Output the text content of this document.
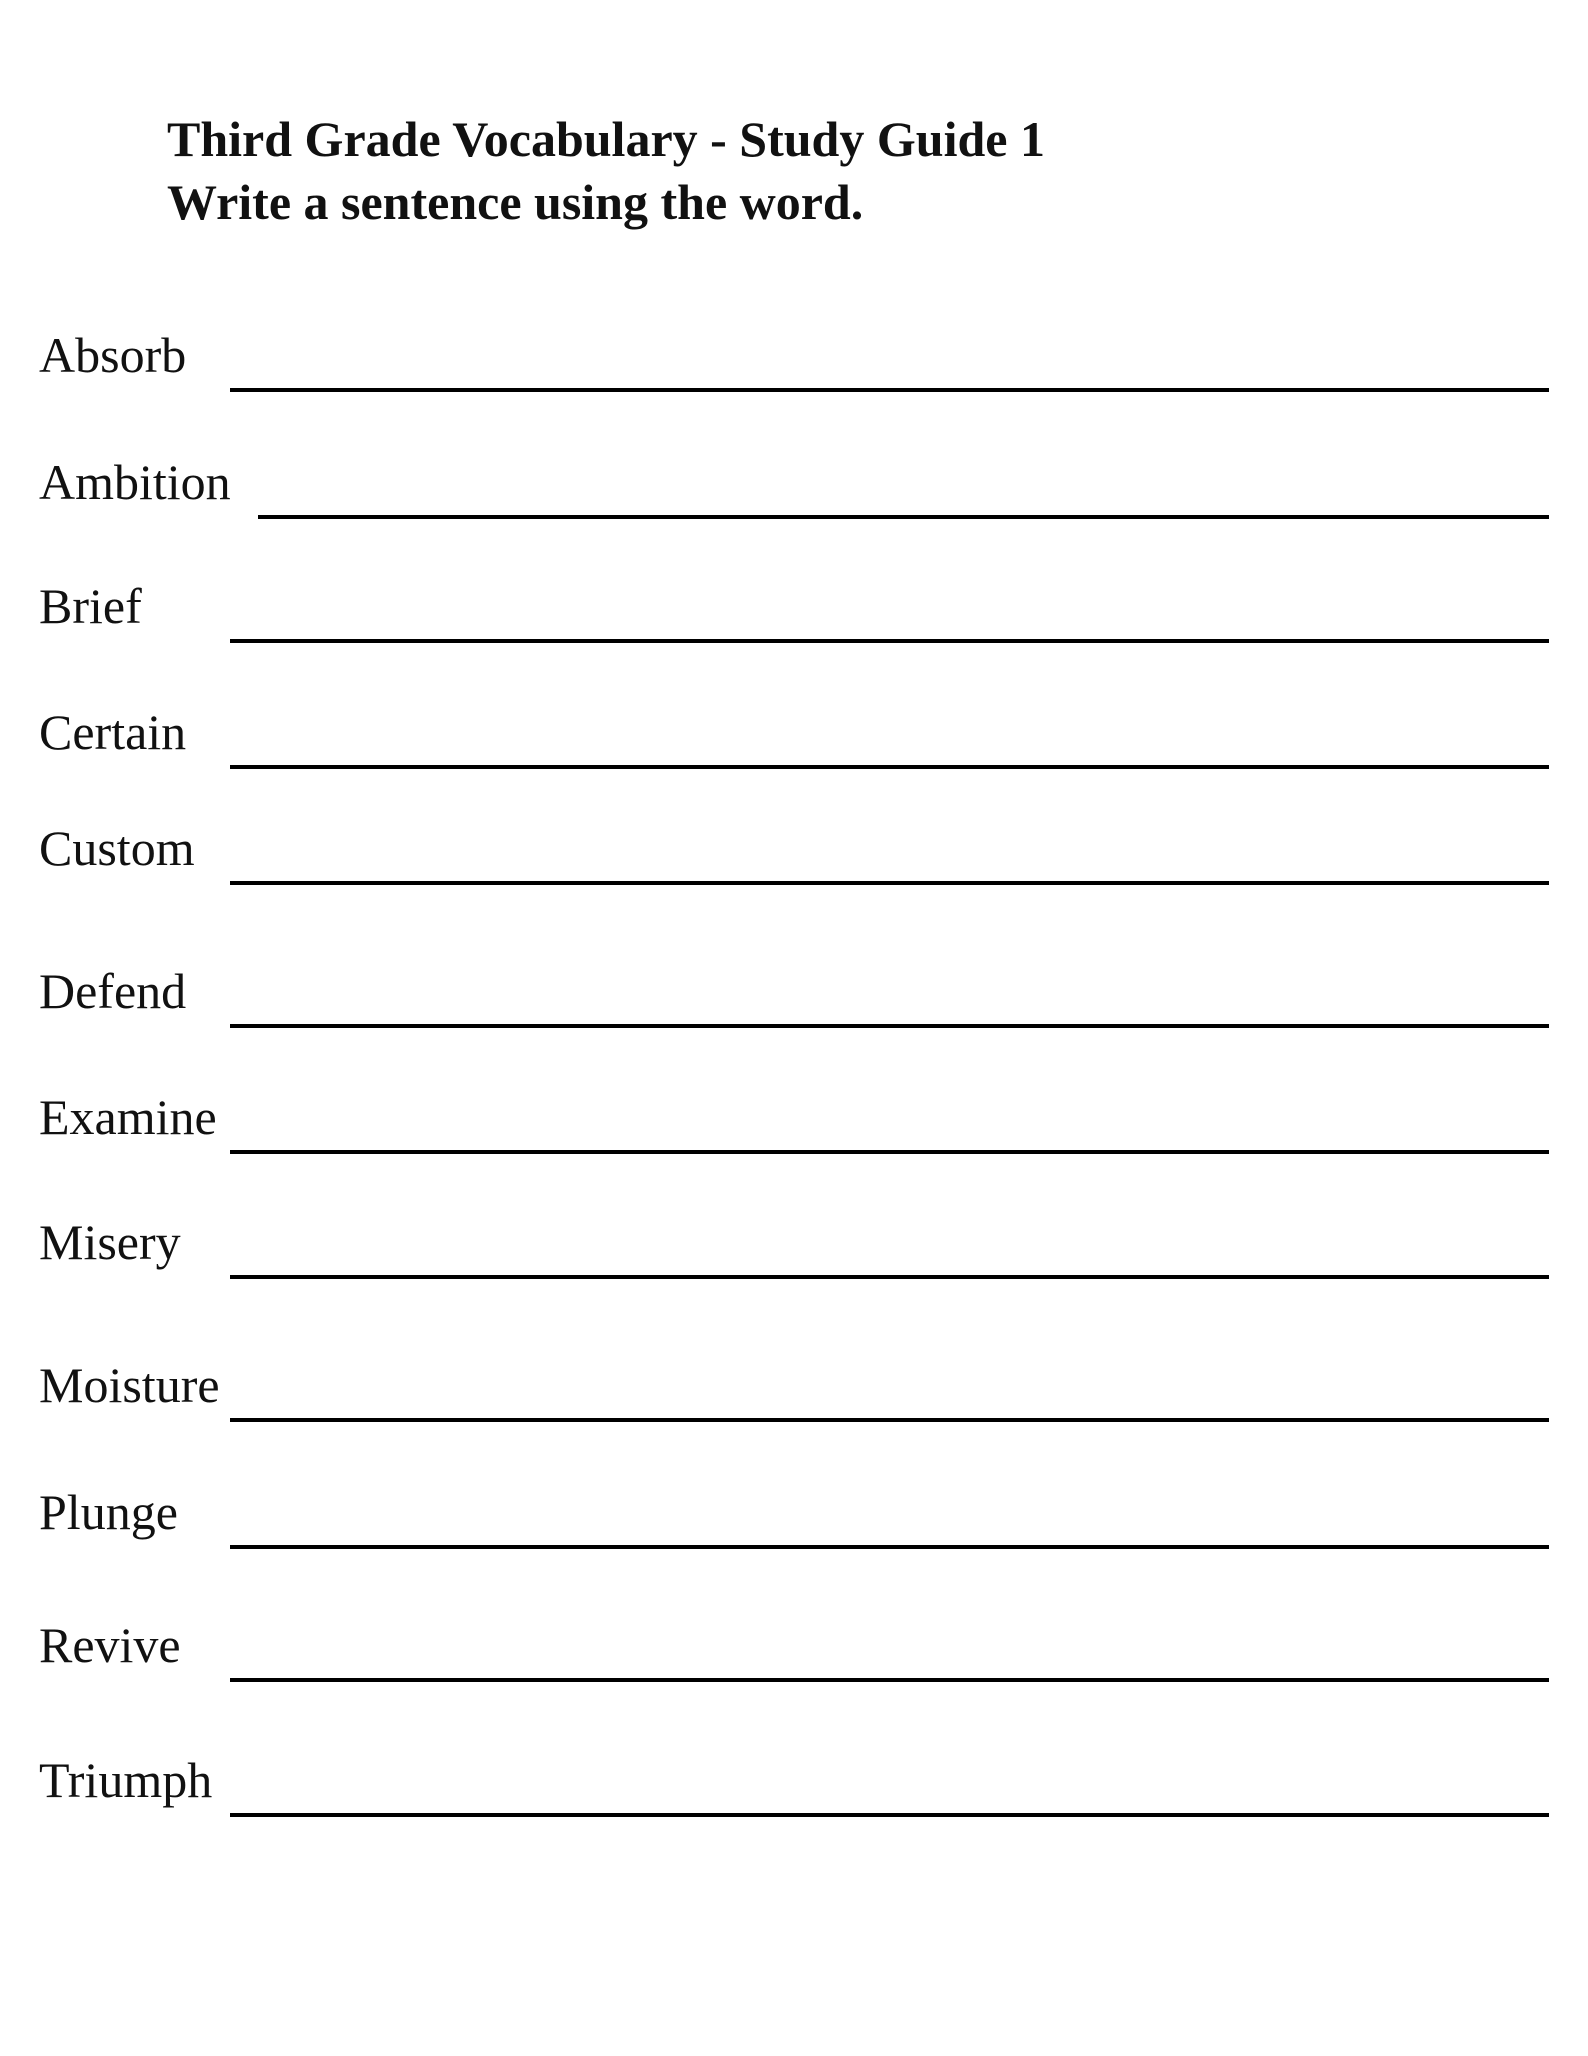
Third Grade Vocabulary - Study Guide 1
Write a sentence using the word.
Absorb
Ambition
Brief
Certain
Custom
Defend
Examine
Misery
Moisture
Plunge
Revive
Triumph
